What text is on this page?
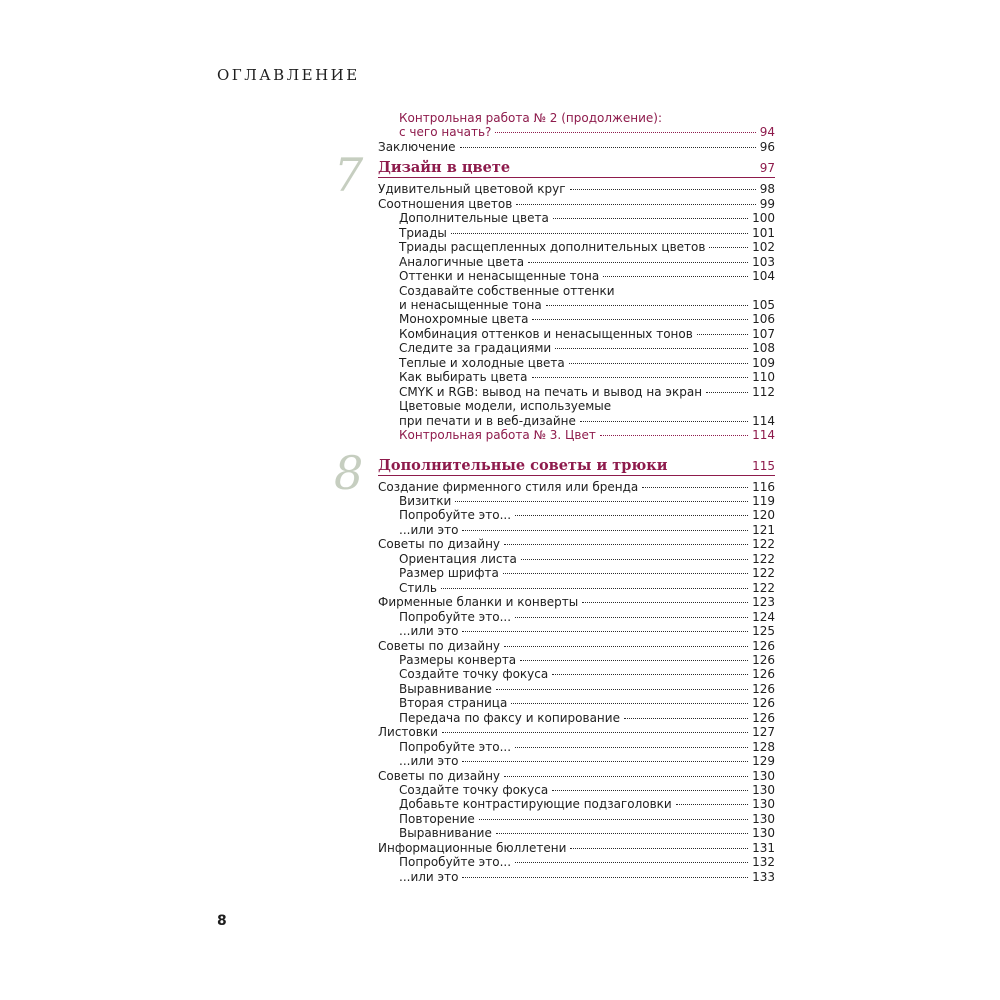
ОГЛАВЛЕНИЕ
Контрольная работа № 2 (продолжение):
с чего начать?	94
Заключение	96
7 Дизайн в цвете	97
Удивительный цветовой круг	98
Соотношения цветов	99
Дополнительные цвета	100
Триады	101
Триады расщепленных дополнительных цветов	102
Аналогичные цвета	103
Оттенки и ненасыщенные тона	104
Создавайте собственные оттенки
и ненасыщенные тона	105
Монохромные цвета	106
Комбинация оттенков и ненасыщенных тонов	107
Следите за градациями	108
Теплые и холодные цвета	109
Как выбирать цвета	110
CMYK и RGB: вывод на печать и вывод на экран	112
Цветовые модели, используемые
при печати и в веб-дизайне	114
Контрольная работа № 3. Цвет	114
8 Дополнительные советы и трюки	115
Создание фирменного стиля или бренда	116
Визитки	119
Попробуйте это...	120
...или это	121
Советы по дизайну	122
Ориентация листа	122
Размер шрифта	122
Стиль	122
Фирменные бланки и конверты	123
Попробуйте это...	124
...или это	125
Советы по дизайну	126
Размеры конверта	126
Создайте точку фокуса	126
Выравнивание	126
Вторая страница	126
Передача по факсу и копирование	126
Листовки	127
Попробуйте это...	128
...или это	129
Советы по дизайну	130
Создайте точку фокуса	130
Добавьте контрастирующие подзаголовки	130
Повторение	130
Выравнивание	130
Информационные бюллетени	131
Попробуйте это...	132
...или это	133
8
